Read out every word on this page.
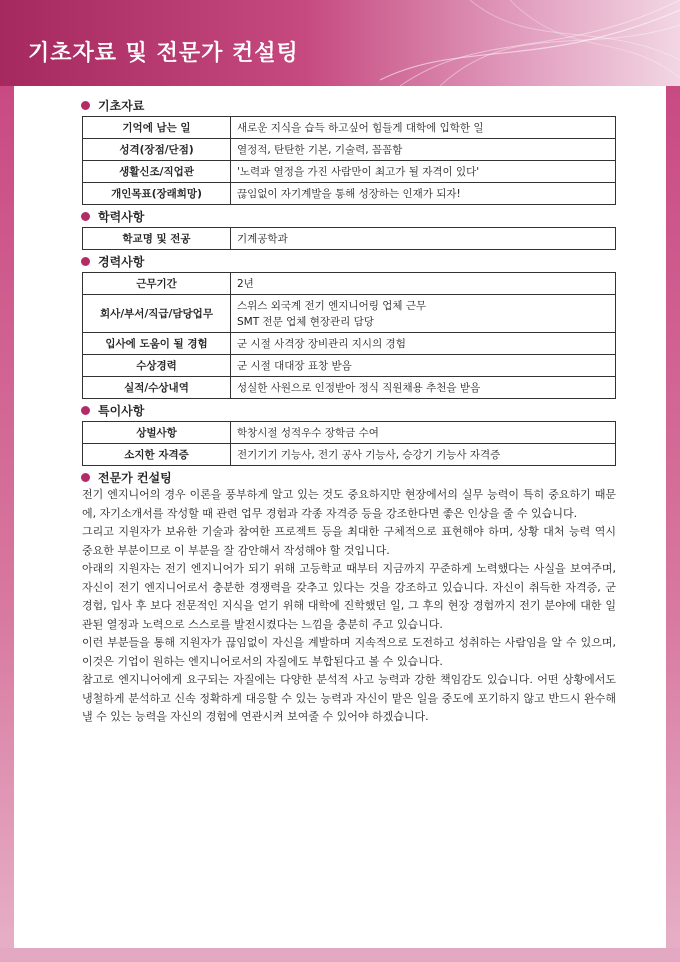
기초자료 및 전문가 컨설팅
기초자료
기억에 남는 일	새로운 지식을 습득 하고싶어 힘들게 대학에 입학한 일
성격(장점/단점)	열정적, 탄탄한 기본, 기술력, 꼼꼼함
생활신조/직업관	'노력과 열정을 가진 사람만이 최고가 될 자격이 있다'
개인목표(장래희망)	끊임없이 자기계발을 통해 성장하는 인재가 되자!
학력사항
학교명 및 전공	기계공학과
경력사항
근무기간	2년
회사/부서/직급/담당업무	스위스 외국계 전기 엔지니어링 업체 근무
SMT 전문 업체 현장관리 담당

입사에 도움이 될 경험	군 시절 사격장 장비관리 지시의 경험
수상경력	군 시절 대대장 표창 받음
실적/수상내역	성실한 사원으로 인정받아 정식 직원채용 추천을 받음
특이사항
상벌사항	학창시절 성적우수 장학금 수여
소지한 자격증	전기기기 기능사, 전기 공사 기능사, 승강기 기능사 자격증
전문가 컨설팅

전기 엔지니어의 경우 이론을 풍부하게 알고 있는 것도 중요하지만 현장에서의 실무 능력이 특히 중요하기 때문에, 자기소개서를 작성할 때 관련 업무 경험과 각종 자격증 등을 강조한다면 좋은 인상을 줄 수 있습니다.

그리고 지원자가 보유한 기술과 참여한 프로젝트 등을 최대한 구체적으로 표현해야 하며, 상황 대처 능력 역시 중요한 부분이므로 이 부분을 잘 감안해서 작성해야 할 것입니다.

아래의 지원자는 전기 엔지니어가 되기 위해 고등학교 때부터 지금까지 꾸준하게 노력했다는 사실을 보여주며, 자신이 전기 엔지니어로서 충분한 경쟁력을 갖추고 있다는 것을 강조하고 있습니다. 자신이 취득한 자격증, 군 경험, 입사 후 보다 전문적인 지식을 얻기 위해 대학에 진학했던 일, 그 후의 현장 경험까지 전기 분야에 대한 일관된 열정과 노력으로 스스로를 발전시켰다는 느낌을 충분히 주고 있습니다.

이런 부분들을 통해 지원자가 끊임없이 자신을 계발하며 지속적으로 도전하고 성취하는 사람임을 알 수 있으며, 이것은 기업이 원하는 엔지니어로서의 자질에도 부합된다고 볼 수 있습니다.

참고로 엔지니어에게 요구되는 자질에는 다양한 분석적 사고 능력과 강한 책임감도 있습니다. 어떤 상황에서도 냉철하게 분석하고 신속 정확하게 대응할 수 있는 능력과 자신이 맡은 일을 중도에 포기하지 않고 반드시 완수해낼 수 있는 능력을 자신의 경험에 연관시켜 보여줄 수 있어야 하겠습니다.
